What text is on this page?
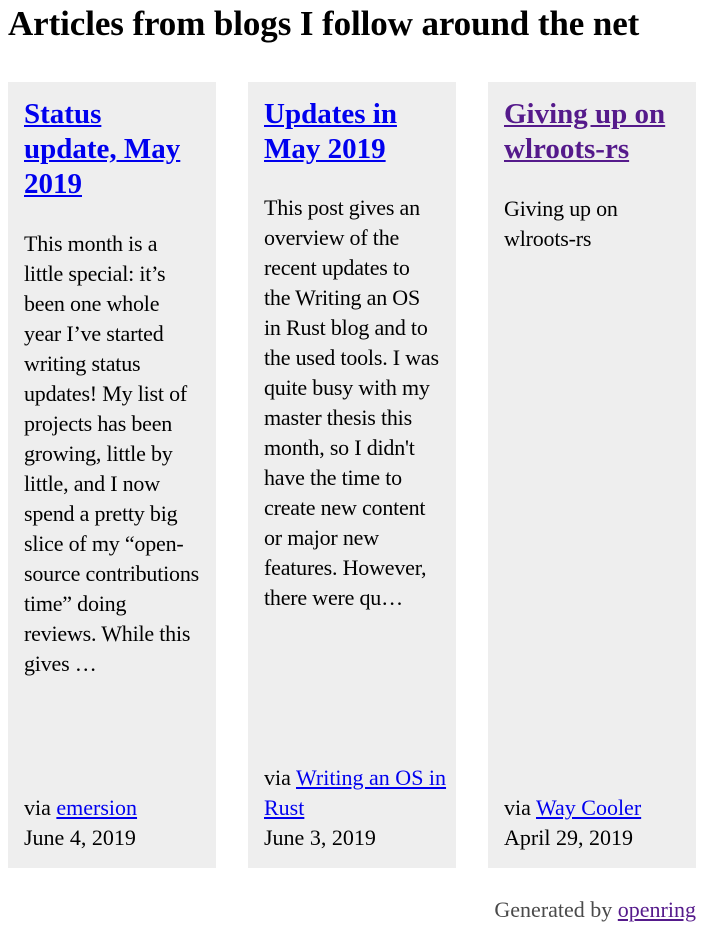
Articles from blogs I follow around the net
Status update, May 2019

This month is a little special: it’s been one whole year I’ve started writing status updates! My list of projects has been growing, little by little, and I now spend a pretty big slice of my “open-source contributions time” doing reviews. While this gives …

via emersion
June 4, 2019
Updates in May 2019

This post gives an overview of the recent updates to the Writing an OS in Rust blog and to the used tools. I was quite busy with my master thesis this month, so I didn't have the time to create new content or major new features. However, there were qu…

via Writing an OS in Rust
June 3, 2019
Giving up on wlroots-rs

Giving up on wlroots-rs

via Way Cooler
April 29, 2019
Generated by openring
